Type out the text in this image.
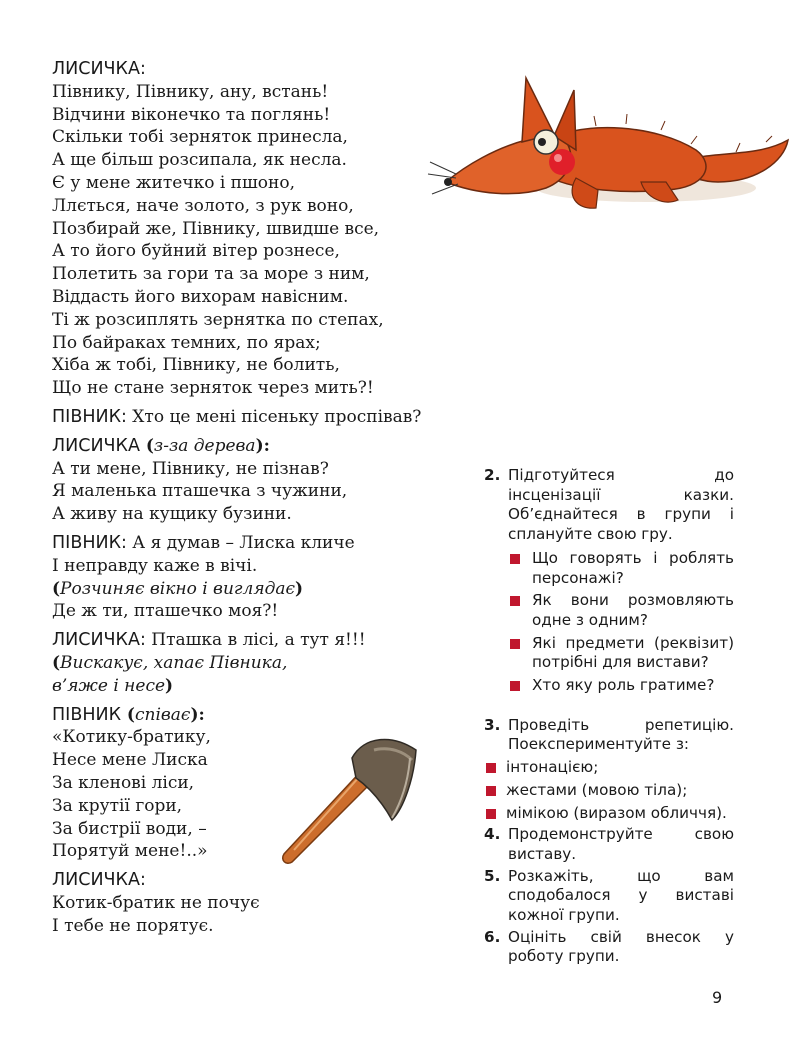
ЛИСИЧКА:
Півнику, Півнику, ану, встань!
Відчини віконечко та поглянь!
Скільки тобі зерняток принесла,
А ще більш розсипала, як несла.
Є у мене житечко і пшоно,
Ллється, наче золото, з рук воно,
Позбирай же, Півнику, швидше все,
А то його буйний вітер рознесе,
Полетить за гори та за море з ним,
Віддасть його вихорам навісним.
Ті ж розсиплять зернятка по степах,
По байраках темних, по ярах;
Хіба ж тобі, Півнику, не болить,
Що не стане зерняток через мить?!
ПІВНИК: Хто це мені пісеньку проспівав?
ЛИСИЧКА (з-за дерева):
А ти мене, Півнику, не пізнав?
Я маленька пташечка з чужини,
А живу на кущику бузини.
ПІВНИК: А я думав – Лиска кличе
І неправду каже в вічі.
(Розчиняє вікно і виглядає)
Де ж ти, пташечко моя?!
ЛИСИЧКА: Пташка в лісі, а тут я!!!
(Вискакує, хапає Півника,
в’яже і несе)
ПІВНИК (співає):
«Котику-братику,
Несе мене Лиска
За кленові ліси,
За крутії гори,
За бистрії води, –
Порятуй мене!..»
ЛИСИЧКА:
Котик-братик не почує
І тебе не порятує.
2. Підготуйтеся до інсценізації казки. Об’єднайтеся в групи і сплануйте свою гру.
Що говорять і роблять персонажі?
Як вони розмовляють одне з одним?
Які предмети (реквізит) потрібні для вистави?
Хто яку роль гратиме?
3. Проведіть репетицію. Поекспериментуйте з:
інтонацією;
жестами (мовою тіла);
мімікою (виразом обличчя).
4. Продемонструйте свою виставу.
5. Розкажіть, що вам сподобалося у виставі кожної групи.
6. Оцініть свій внесок у роботу групи.
9
